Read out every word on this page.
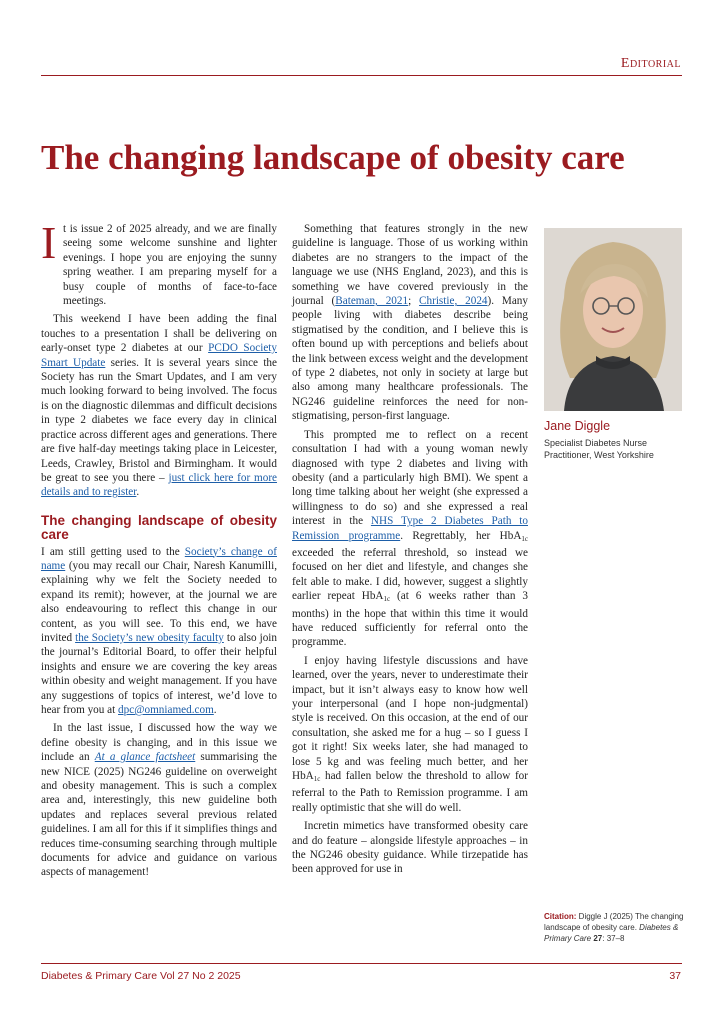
Editorial
The changing landscape of obesity care
I t is issue 2 of 2025 already, and we are finally seeing some welcome sunshine and lighter evenings. I hope you are enjoying the sunny spring weather. I am preparing myself for a busy couple of months of face-to-face meetings.

This weekend I have been adding the final touches to a presentation I shall be delivering on early-onset type 2 diabetes at our PCDO Society Smart Update series. It is several years since the Society has run the Smart Updates, and I am very much looking forward to being involved. The focus is on the diagnostic dilemmas and difficult decisions in type 2 diabetes we face every day in clinical practice across different ages and generations. There are five half-day meetings taking place in Leicester, Leeds, Crawley, Bristol and Birmingham. It would be great to see you there – just click here for more details and to register.

The changing landscape of obesity care

I am still getting used to the Society’s change of name (you may recall our Chair, Naresh Kanumilli, explaining why we felt the Society needed to expand its remit); however, at the journal we are also endeavouring to reflect this change in our content, as you will see. To this end, we have invited the Society’s new obesity faculty to also join the journal’s Editorial Board, to offer their helpful insights and ensure we are covering the key areas within obesity and weight management. If you have any suggestions of topics of interest, we’d love to hear from you at dpc@omniamed.com.

In the last issue, I discussed how the way we define obesity is changing, and in this issue we include an At a glance factsheet summarising the new NICE (2025) NG246 guideline on overweight and obesity management. This is such a complex area and, interestingly, this new guideline both updates and replaces several previous related guidelines. I am all for this if it simplifies things and reduces time-consuming searching through multiple documents for advice and guidance on various aspects of management!

Something that features strongly in the new guideline is language. Those of us working within diabetes are no strangers to the impact of the language we use (NHS England, 2023), and this is something we have covered previously in the journal (Bateman, 2021; Christie, 2024). Many people living with diabetes describe being stigmatised by the condition, and I believe this is often bound up with perceptions and beliefs about the link between excess weight and the development of type 2 diabetes, not only in society at large but also among many healthcare professionals. The NG246 guideline reinforces the need for non-stigmatising, person-first language.

This prompted me to reflect on a recent consultation I had with a young woman newly diagnosed with type 2 diabetes and living with obesity (and a particularly high BMI). We spent a long time talking about her weight (she expressed a willingness to do so) and she expressed a real interest in the NHS Type 2 Diabetes Path to Remission programme. Regrettably, her HbA$_{1c}$ exceeded the referral threshold, so instead we focused on her diet and lifestyle, and changes she felt able to make. I did, however, suggest a slightly earlier repeat HbA$_{1c}$ (at 6 weeks rather than 3 months) in the hope that within this time it would have reduced sufficiently for referral onto the programme.

I enjoy having lifestyle discussions and have learned, over the years, never to underestimate their impact, but it isn’t always easy to know how well your interpersonal (and I hope non-judgmental) style is received. On this occasion, at the end of our consultation, she asked me for a hug – so I guess I got it right! Six weeks later, she had managed to lose 5 kg and was feeling much better, and her HbA$_{1c}$ had fallen below the threshold to allow for referral to the Path to Remission programme. I am really optimistic that she will do well.

Incretin mimetics have transformed obesity care and do feature – alongside lifestyle approaches – in the NG246 obesity guidance. While tirzepatide has been approved for use in

Jane Diggle
Specialist Diabetes Nurse Practitioner, West Yorkshire
Citation: Diggle J (2025) The changing landscape of obesity care. Diabetes & Primary Care 27: 37–8
Diabetes & Primary Care Vol 27 No 2 2025	37
